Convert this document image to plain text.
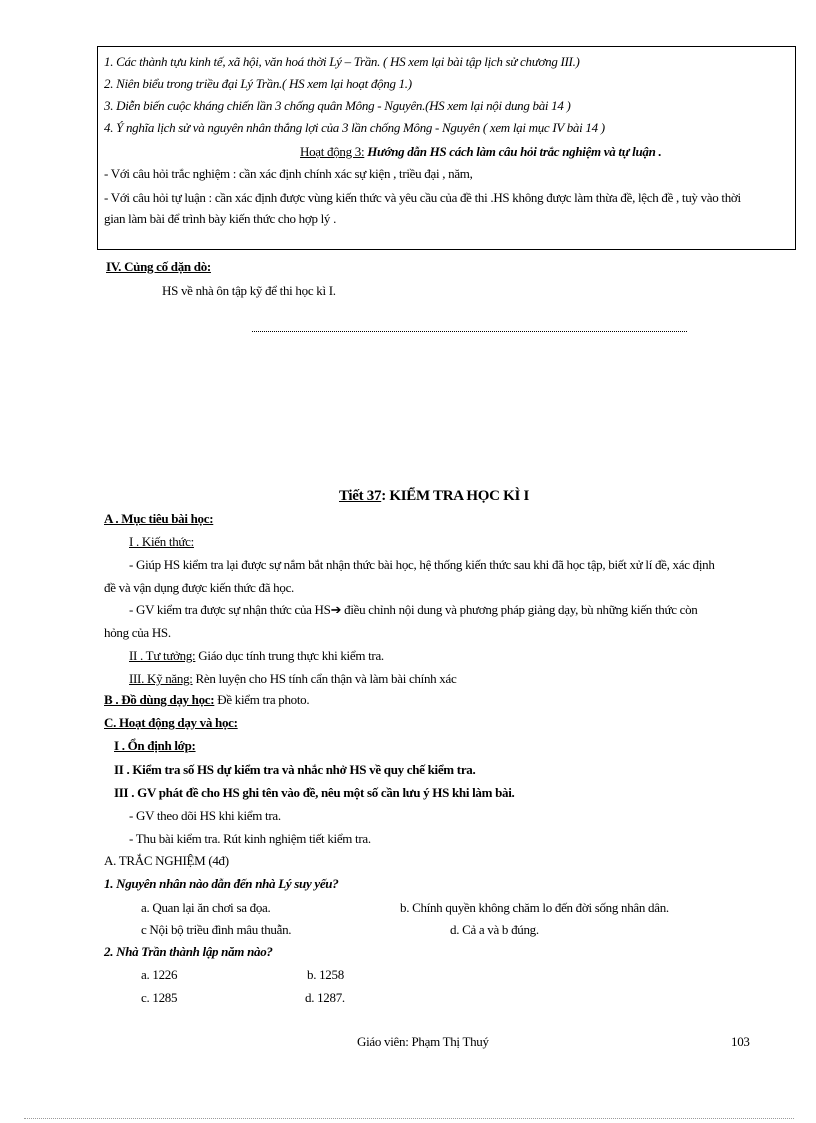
1. Các thành tựu kinh tế, xã hội, văn hoá thời Lý – Trần. ( HS xem lại bài tập lịch sử chương III.)
2. Niên biểu trong triều đại Lý Trần.( HS xem lại hoạt động 1.)
3. Diễn biến cuộc kháng chiến lần 3 chống quân Mông - Nguyên.(HS xem lại nội dung bài 14 )
4. Ý nghĩa lịch sử và nguyên nhân thắng lợi của 3 lần chống Mông - Nguyên ( xem lại mục IV bài 14 )
Hoạt động 3: Hướng dẫn HS cách làm câu hỏi trắc nghiệm và tự luận .
- Với câu hỏi trắc nghiệm : cần xác định chính xác sự kiện , triều đại , năm,
- Với câu hỏi tự luận : cần xác định được vùng kiến thức và yêu cầu của đề thi .HS không được làm thừa đề, lệch đề , tuỳ vào thời
gian làm bài để trình bày kiến thức cho hợp lý .
IV. Củng cố dặn dò:
HS về nhà ôn tập kỹ để thi học kì I.
Tiết 37: KIỂM TRA HỌC KÌ I
A . Mục tiêu bài học:
I . Kiến thức:
- Giúp HS kiểm tra lại được sự nắm bắt nhận thức bài học, hệ thống kiến thức sau khi đã học tập, biết xử lí đề, xác định
đề và vận dụng được kiến thức đã học.
- GV kiểm tra được sự nhận thức của HS➔ điều chỉnh nội dung và phương pháp giảng dạy, bù những kiến thức còn
hỏng của HS.
II . Tư tưởng: Giáo dục tính trung thực khi kiểm tra.
III. Kỹ năng: Rèn luyện cho HS tính cẩn thận và làm bài chính xác
B . Đồ dùng dạy học: Đề kiểm tra photo.
C. Hoạt động dạy và học:
I . Ổn định lớp:
II . Kiểm tra số HS dự kiểm tra và nhắc nhở HS về quy chế kiểm tra.
III . GV phát đề cho HS ghi tên vào đề, nêu một số cần lưu ý HS khi làm bài.
- GV theo dõi HS khi kiểm tra.
- Thu bài kiểm tra. Rút kinh nghiệm tiết kiểm tra.
A. TRẮC NGHIỆM (4đ)
1. Nguyên nhân nào dẫn đến nhà Lý suy yếu?
a. Quan lại ăn chơi sa đọa.	b. Chính quyền không chăm lo đến đời sống nhân dân.
c Nội bộ triều đình mâu thuẫn.	d. Cả a và b đúng.
2. Nhà Trần thành lập năm nào?
a. 1226	b. 1258
c. 1285	d. 1287.
Giáo viên: Phạm Thị Thuý	103
